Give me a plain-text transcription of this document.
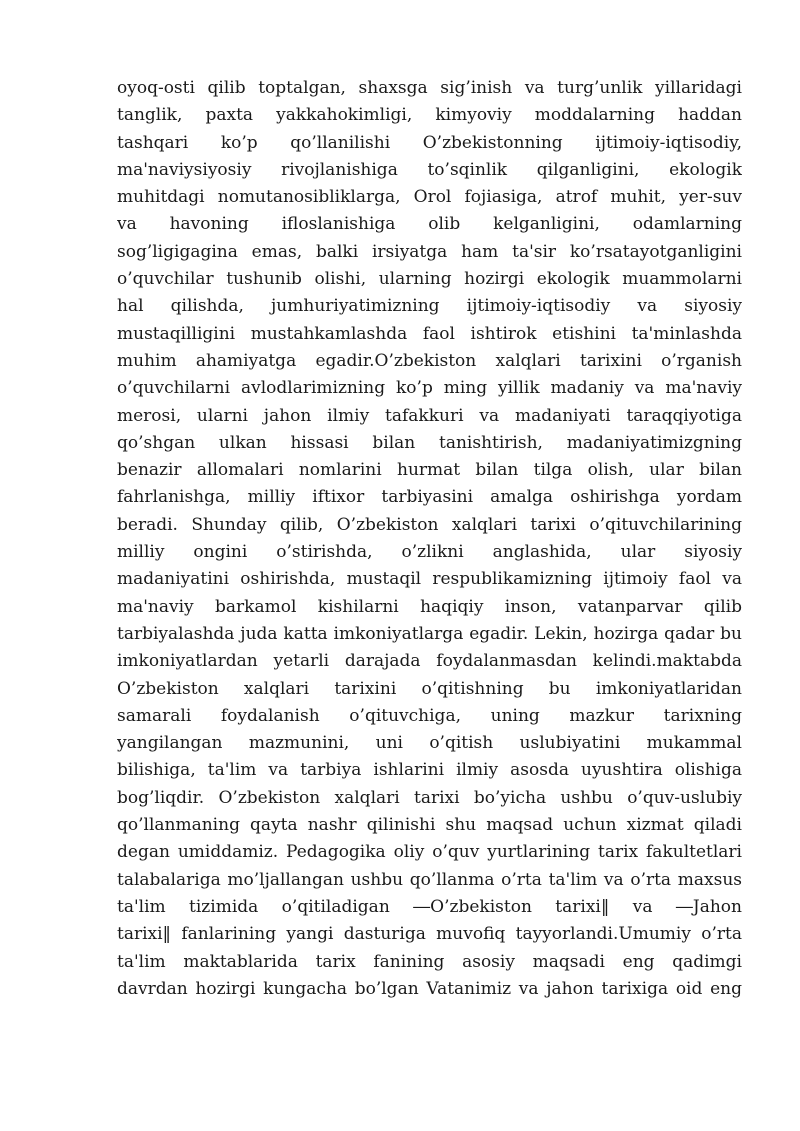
oyoq-osti qilib toptalgan, shaxsga sig’inish va turg’unlik yillaridagi
tanglik, paxta yakkahokimligi, kimyoviy moddalarning haddan
tashqari ko’p qo’llanilishi O’zbekistonning ijtimoiy-iqtisodiy,
ma'naviysiyosiy rivojlanishiga to’sqinlik qilganligini, ekologik
muhitdagi nomutanosibliklarga, Orol fojiasiga, atrof muhit, yer-suv
va havoning ifloslanishiga olib kelganligini, odamlarning
sog’ligigagina emas, balki irsiyatga ham ta'sir ko’rsatayotganligini
o’quvchilar tushunib olishi, ularning hozirgi ekologik muammolarni
hal qilishda, jumhuriyatimizning ijtimoiy-iqtisodiy va siyosiy
mustaqilligini mustahkamlashda faol ishtirok etishini ta'minlashda
muhim ahamiyatga egadir.O’zbekiston xalqlari tarixini o’rganish
o’quvchilarni avlodlarimizning ko’p ming yillik madaniy va ma'naviy
merosi, ularni jahon ilmiy tafakkuri va madaniyati taraqqiyotiga
qo’shgan ulkan hissasi bilan tanishtirish, madaniyatimizgning
benazir allomalari nomlarini hurmat bilan tilga olish, ular bilan
fahrlanishga, milliy iftixor tarbiyasini amalga oshirishga yordam
beradi. Shunday qilib, O’zbekiston xalqlari tarixi o’qituvchilarining
milliy ongini o’stirishda, o’zlikni anglashida, ular siyosiy
madaniyatini oshirishda, mustaqil respublikamizning ijtimoiy faol va
ma'naviy barkamol kishilarni haqiqiy inson, vatanparvar qilib
tarbiyalashda juda katta imkoniyatlarga egadir. Lekin, hozirga qadar bu
imkoniyatlardan yetarli darajada foydalanmasdan kelindi.maktabda
O’zbekiston xalqlari tarixini o’qitishning bu imkoniyatlaridan
samarali foydalanish o’qituvchiga, uning mazkur tarixning
yangilangan mazmunini, uni o’qitish uslubiyatini mukammal
bilishiga, ta'lim va tarbiya ishlarini ilmiy asosda uyushtira olishiga
bog’liqdir. O’zbekiston xalqlari tarixi bo’yicha ushbu o’quv-uslubiy
qo’llanmaning qayta nashr qilinishi shu maqsad uchun xizmat qiladi
degan umiddamiz. Pedagogika oliy o’quv yurtlarining tarix fakultetlari
talabalariga mo’ljallangan ushbu qo’llanma o’rta ta'lim va o’rta maxsus
ta'lim tizimida o’qitiladigan ―O’zbekiston tarixi‖ va ―Jahon
tarixi‖ fanlarining yangi dasturiga muvofiq tayyorlandi.Umumiy o’rta
ta'lim maktablarida tarix fanining asosiy maqsadi eng qadimgi
davrdan hozirgi kungacha bo’lgan Vatanimiz va jahon tarixiga oid eng
